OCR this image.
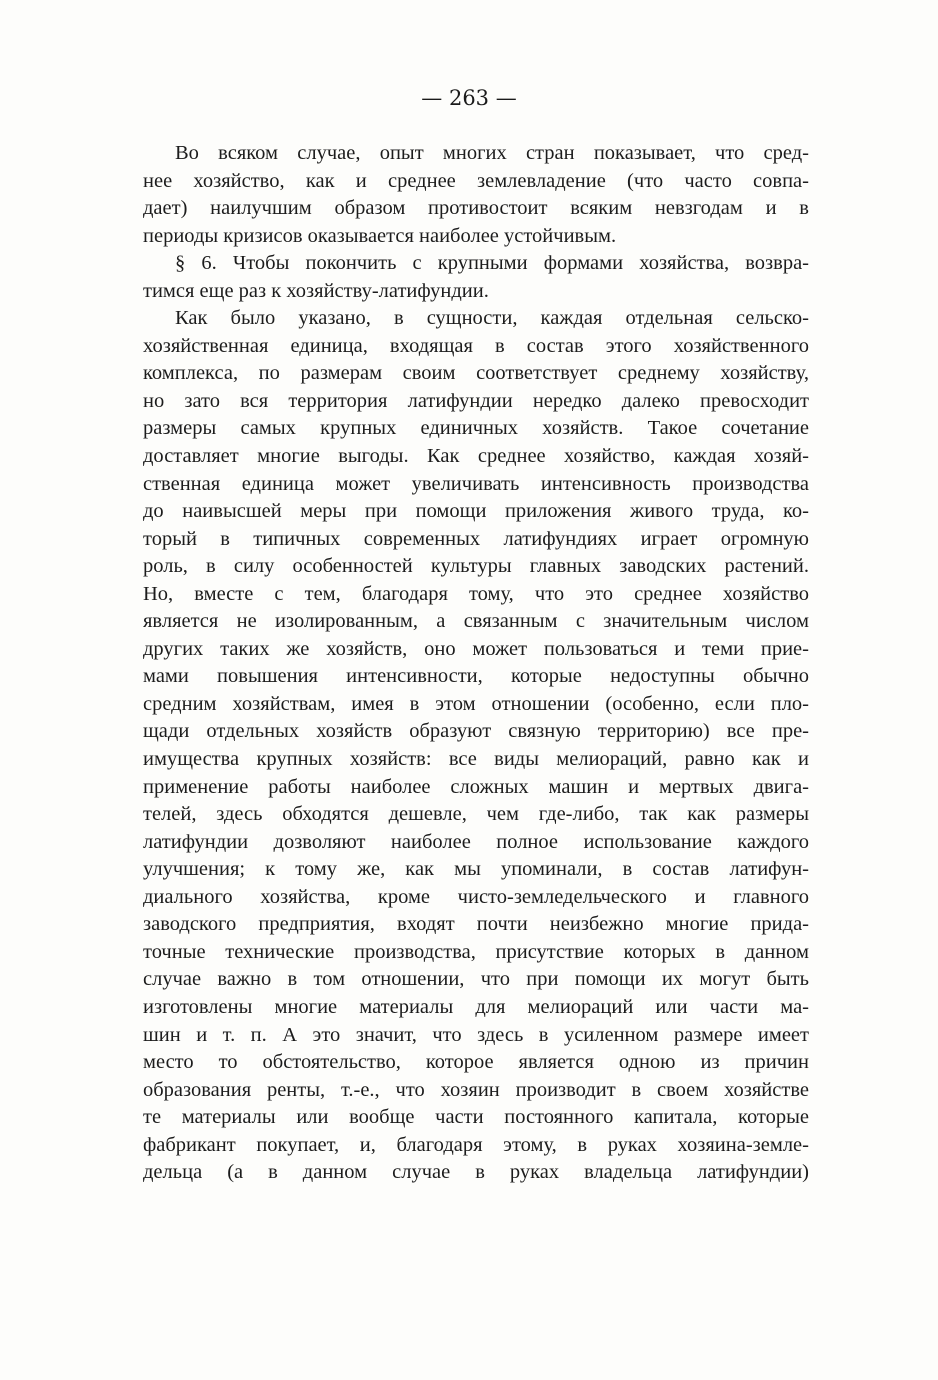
— 263 —
Во всяком случае, опыт многих стран показывает, что сред-
нее хозяйство, как и среднее землевладение (что часто совпа-
дает) наилучшим образом противостоит всяким невзгодам и в
периоды кризисов оказывается наиболее устойчивым.
§ 6. Чтобы покончить с крупными формами хозяйства, возвра-
тимся еще раз к хозяйству-латифундии.
Как было указано, в сущности, каждая отдельная сельско-
хозяйственная единица, входящая в состав этого хозяйственного
комплекса, по размерам своим соответствует среднему хозяйству,
но зато вся территория латифундии нередко далеко превосходит
размеры самых крупных единичных хозяйств. Такое сочетание
доставляет многие выгоды. Как среднее хозяйство, каждая хозяй-
ственная единица может увеличивать интенсивность производства
до наивысшей меры при помощи приложения живого труда, ко-
торый в типичных современных латифундиях играет огромную
роль, в силу особенностей культуры главных заводских растений.
Но, вместе с тем, благодаря тому, что это среднее хозяйство
является не изолированным, а связанным с значительным числом
других таких же хозяйств, оно может пользоваться и теми прие-
мами повышения интенсивности, которые недоступны обычно
средним хозяйствам, имея в этом отношении (особенно, если пло-
щади отдельных хозяйств образуют связную территорию) все пре-
имущества крупных хозяйств: все виды мелиораций, равно как и
применение работы наиболее сложных машин и мертвых двига-
телей, здесь обходятся дешевле, чем где-либо, так как размеры
латифундии дозволяют наиболее полное использование каждого
улучшения; к тому же, как мы упоминали, в состав латифун-
диального хозяйства, кроме чисто-земледельческого и главного
заводского предприятия, входят почти неизбежно многие прида-
точные технические производства, присутствие которых в данном
случае важно в том отношении, что при помощи их могут быть
изготовлены многие материалы для мелиораций или части ма-
шин и т. п. А это значит, что здесь в усиленном размере имеет
место то обстоятельство, которое является одною из причин
образования ренты, т.-е., что хозяин производит в своем хозяйстве
те материалы или вообще части постоянного капитала, которые
фабрикант покупает, и, благодаря этому, в руках хозяина-земле-
дельца (а в данном случае в руках владельца латифундии)
